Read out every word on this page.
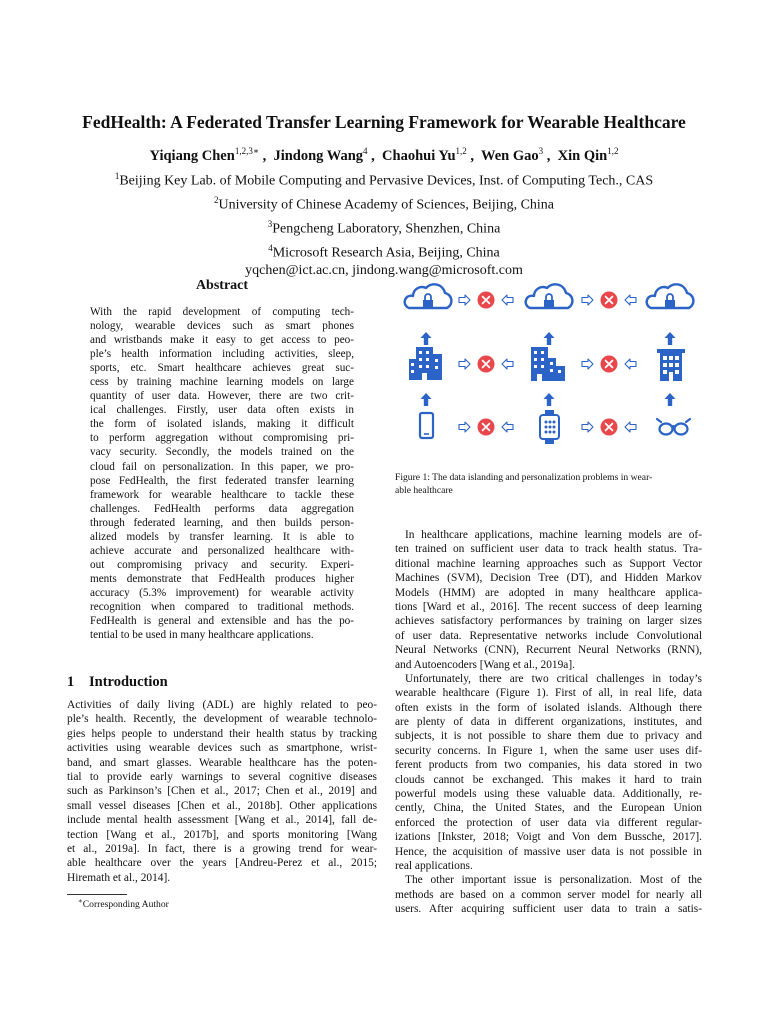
FedHealth: A Federated Transfer Learning Framework for Wearable Healthcare
Yiqiang Chen$^{1,2,3∗}$ ,  Jindong Wang$^4$ ,  Chaohui Yu$^{1,2}$ ,  Wen Gao$^3$ ,  Xin Qin$^{1,2}$
$^1$Beijing Key Lab. of Mobile Computing and Pervasive Devices, Inst. of Computing Tech., CAS
$^2$University of Chinese Academy of Sciences, Beijing, China
$^3$Pengcheng Laboratory, Shenzhen, China
$^4$Microsoft Research Asia, Beijing, China
yqchen@ict.ac.cn, jindong.wang@microsoft.com
Abstract
With the rapid development of computing tech-
nology, wearable devices such as smart phones
and wristbands make it easy to get access to peo-
ple’s health information including activities, sleep,
sports, etc. Smart healthcare achieves great suc-
cess by training machine learning models on large
quantity of user data. However, there are two crit-
ical challenges. Firstly, user data often exists in
the form of isolated islands, making it difficult
to perform aggregation without compromising pri-
vacy security. Secondly, the models trained on the
cloud fail on personalization. In this paper, we pro-
pose FedHealth, the first federated transfer learning
framework for wearable healthcare to tackle these
challenges. FedHealth performs data aggregation
through federated learning, and then builds person-
alized models by transfer learning. It is able to
achieve accurate and personalized healthcare with-
out compromising privacy and security. Experi-
ments demonstrate that FedHealth produces higher
accuracy (5.3% improvement) for wearable activity
recognition when compared to traditional methods.
FedHealth is general and extensible and has the po-
tential to be used in many healthcare applications.
1 Introduction
Activities of daily living (ADL) are highly related to peo-
ple’s health. Recently, the development of wearable technolo-
gies helps people to understand their health status by tracking
activities using wearable devices such as smartphone, wrist-
band, and smart glasses. Wearable healthcare has the poten-
tial to provide early warnings to several cognitive diseases
such as Parkinson’s [Chen et al., 2017; Chen et al., 2019] and
small vessel diseases [Chen et al., 2018b]. Other applications
include mental health assessment [Wang et al., 2014], fall de-
tection [Wang et al., 2017b], and sports monitoring [Wang
et al., 2019a]. In fact, there is a growing trend for wear-
able healthcare over the years [Andreu-Perez et al., 2015;
Hiremath et al., 2014].
∗Corresponding Author
Figure 1: The data islanding and personalization problems in wear-
able healthcare
In healthcare applications, machine learning models are of-
ten trained on sufficient user data to track health status. Tra-
ditional machine learning approaches such as Support Vector
Machines (SVM), Decision Tree (DT), and Hidden Markov
Models (HMM) are adopted in many healthcare applica-
tions [Ward et al., 2016]. The recent success of deep learning
achieves satisfactory performances by training on larger sizes
of user data. Representative networks include Convolutional
Neural Networks (CNN), Recurrent Neural Networks (RNN),
and Autoencoders [Wang et al., 2019a].
Unfortunately, there are two critical challenges in today’s
wearable healthcare (Figure 1). First of all, in real life, data
often exists in the form of isolated islands. Although there
are plenty of data in different organizations, institutes, and
subjects, it is not possible to share them due to privacy and
security concerns. In Figure 1, when the same user uses dif-
ferent products from two companies, his data stored in two
clouds cannot be exchanged. This makes it hard to train
powerful models using these valuable data. Additionally, re-
cently, China, the United States, and the European Union
enforced the protection of user data via different regular-
izations [Inkster, 2018; Voigt and Von dem Bussche, 2017].
Hence, the acquisition of massive user data is not possible in
real applications.
The other important issue is personalization. Most of the
methods are based on a common server model for nearly all
users. After acquiring sufficient user data to train a satis-
